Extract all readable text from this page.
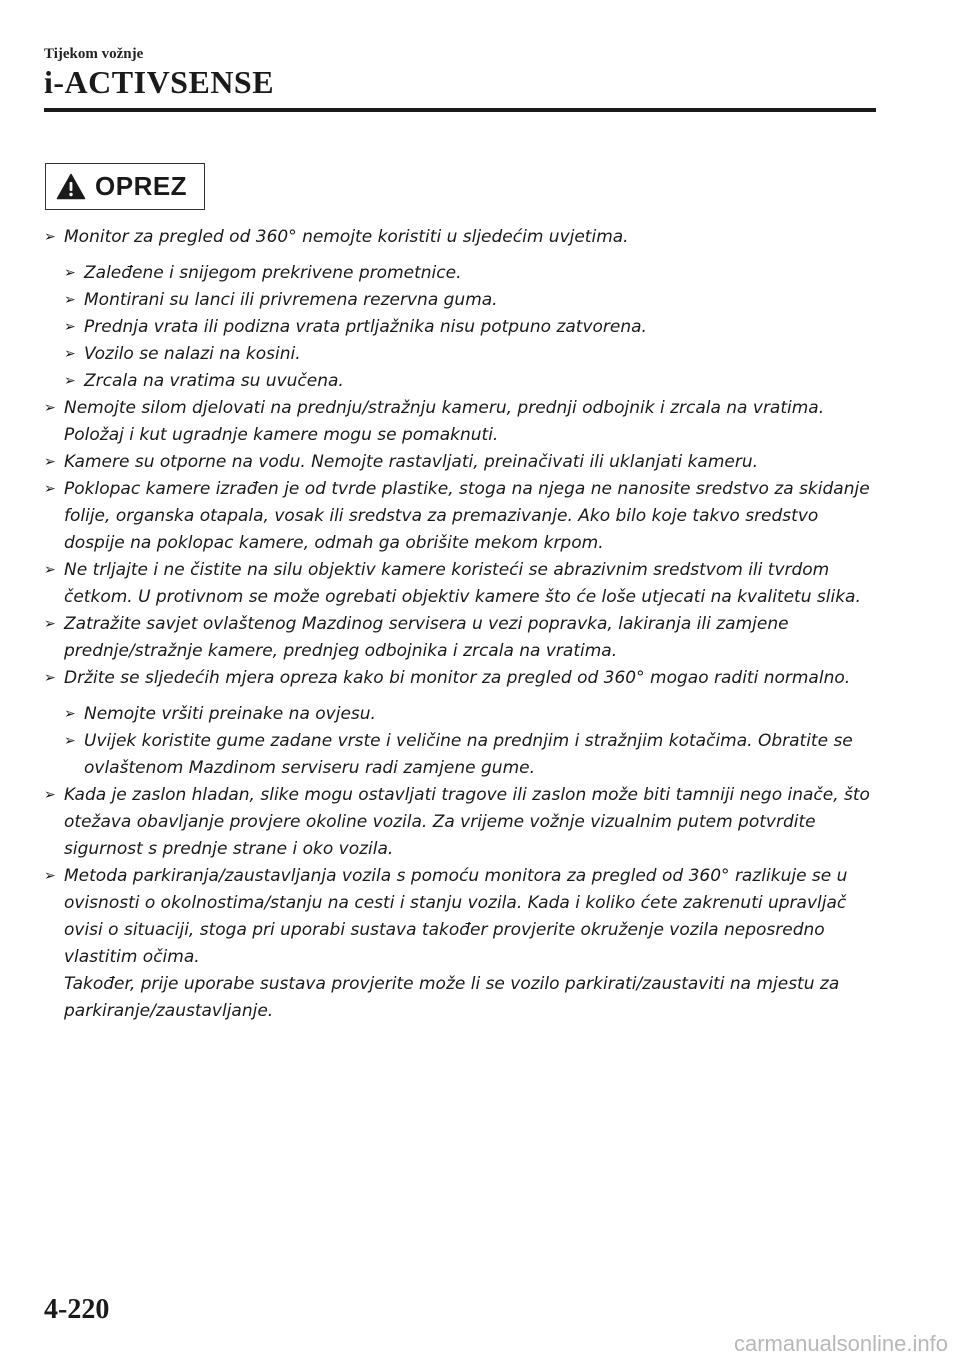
Tijekom vožnje
i-ACTIVSENSE
OPREZ
➢ Monitor za pregled od 360° nemojte koristiti u sljedećim uvjetima.
➢ Zaleđene i snijegom prekrivene prometnice.
➢ Montirani su lanci ili privremena rezervna guma.
➢ Prednja vrata ili podizna vrata prtljažnika nisu potpuno zatvorena.
➢ Vozilo se nalazi na kosini.
➢ Zrcala na vratima su uvučena.
➢ Nemojte silom djelovati na prednju/stražnju kameru, prednji odbojnik i zrcala na vratima. Položaj i kut ugradnje kamere mogu se pomaknuti.
➢ Kamere su otporne na vodu. Nemojte rastavljati, preinačivati ili uklanjati kameru.
➢ Poklopac kamere izrađen je od tvrde plastike, stoga na njega ne nanosite sredstvo za skidanje folije, organska otapala, vosak ili sredstva za premazivanje. Ako bilo koje takvo sredstvo dospije na poklopac kamere, odmah ga obrišite mekom krpom.
➢ Ne trljajte i ne čistite na silu objektiv kamere koristeći se abrazivnim sredstvom ili tvrdom četkom. U protivnom se može ogrebati objektiv kamere što će loše utjecati na kvalitetu slika.
➢ Zatražite savjet ovlaštenog Mazdinog servisera u vezi popravka, lakiranja ili zamjene prednje/stražnje kamere, prednjeg odbojnika i zrcala na vratima.
➢ Držite se sljedećih mjera opreza kako bi monitor za pregled od 360° mogao raditi normalno.
➢ Nemojte vršiti preinake na ovjesu.
➢ Uvijek koristite gume zadane vrste i veličine na prednjim i stražnjim kotačima. Obratite se ovlaštenom Mazdinom serviseru radi zamjene gume.
➢ Kada je zaslon hladan, slike mogu ostavljati tragove ili zaslon može biti tamniji nego inače, što otežava obavljanje provjere okoline vozila. Za vrijeme vožnje vizualnim putem potvrdite sigurnost s prednje strane i oko vozila.
➢ Metoda parkiranja/zaustavljanja vozila s pomoću monitora za pregled od 360° razlikuje se u ovisnosti o okolnostima/stanju na cesti i stanju vozila. Kada i koliko ćete zakrenuti upravljač ovisi o situaciji, stoga pri uporabi sustava također provjerite okruženje vozila neposredno vlastitim očima.
Također, prije uporabe sustava provjerite može li se vozilo parkirati/zaustaviti na mjestu za parkiranje/zaustavljanje.
4-220
carmanualsonline.info
